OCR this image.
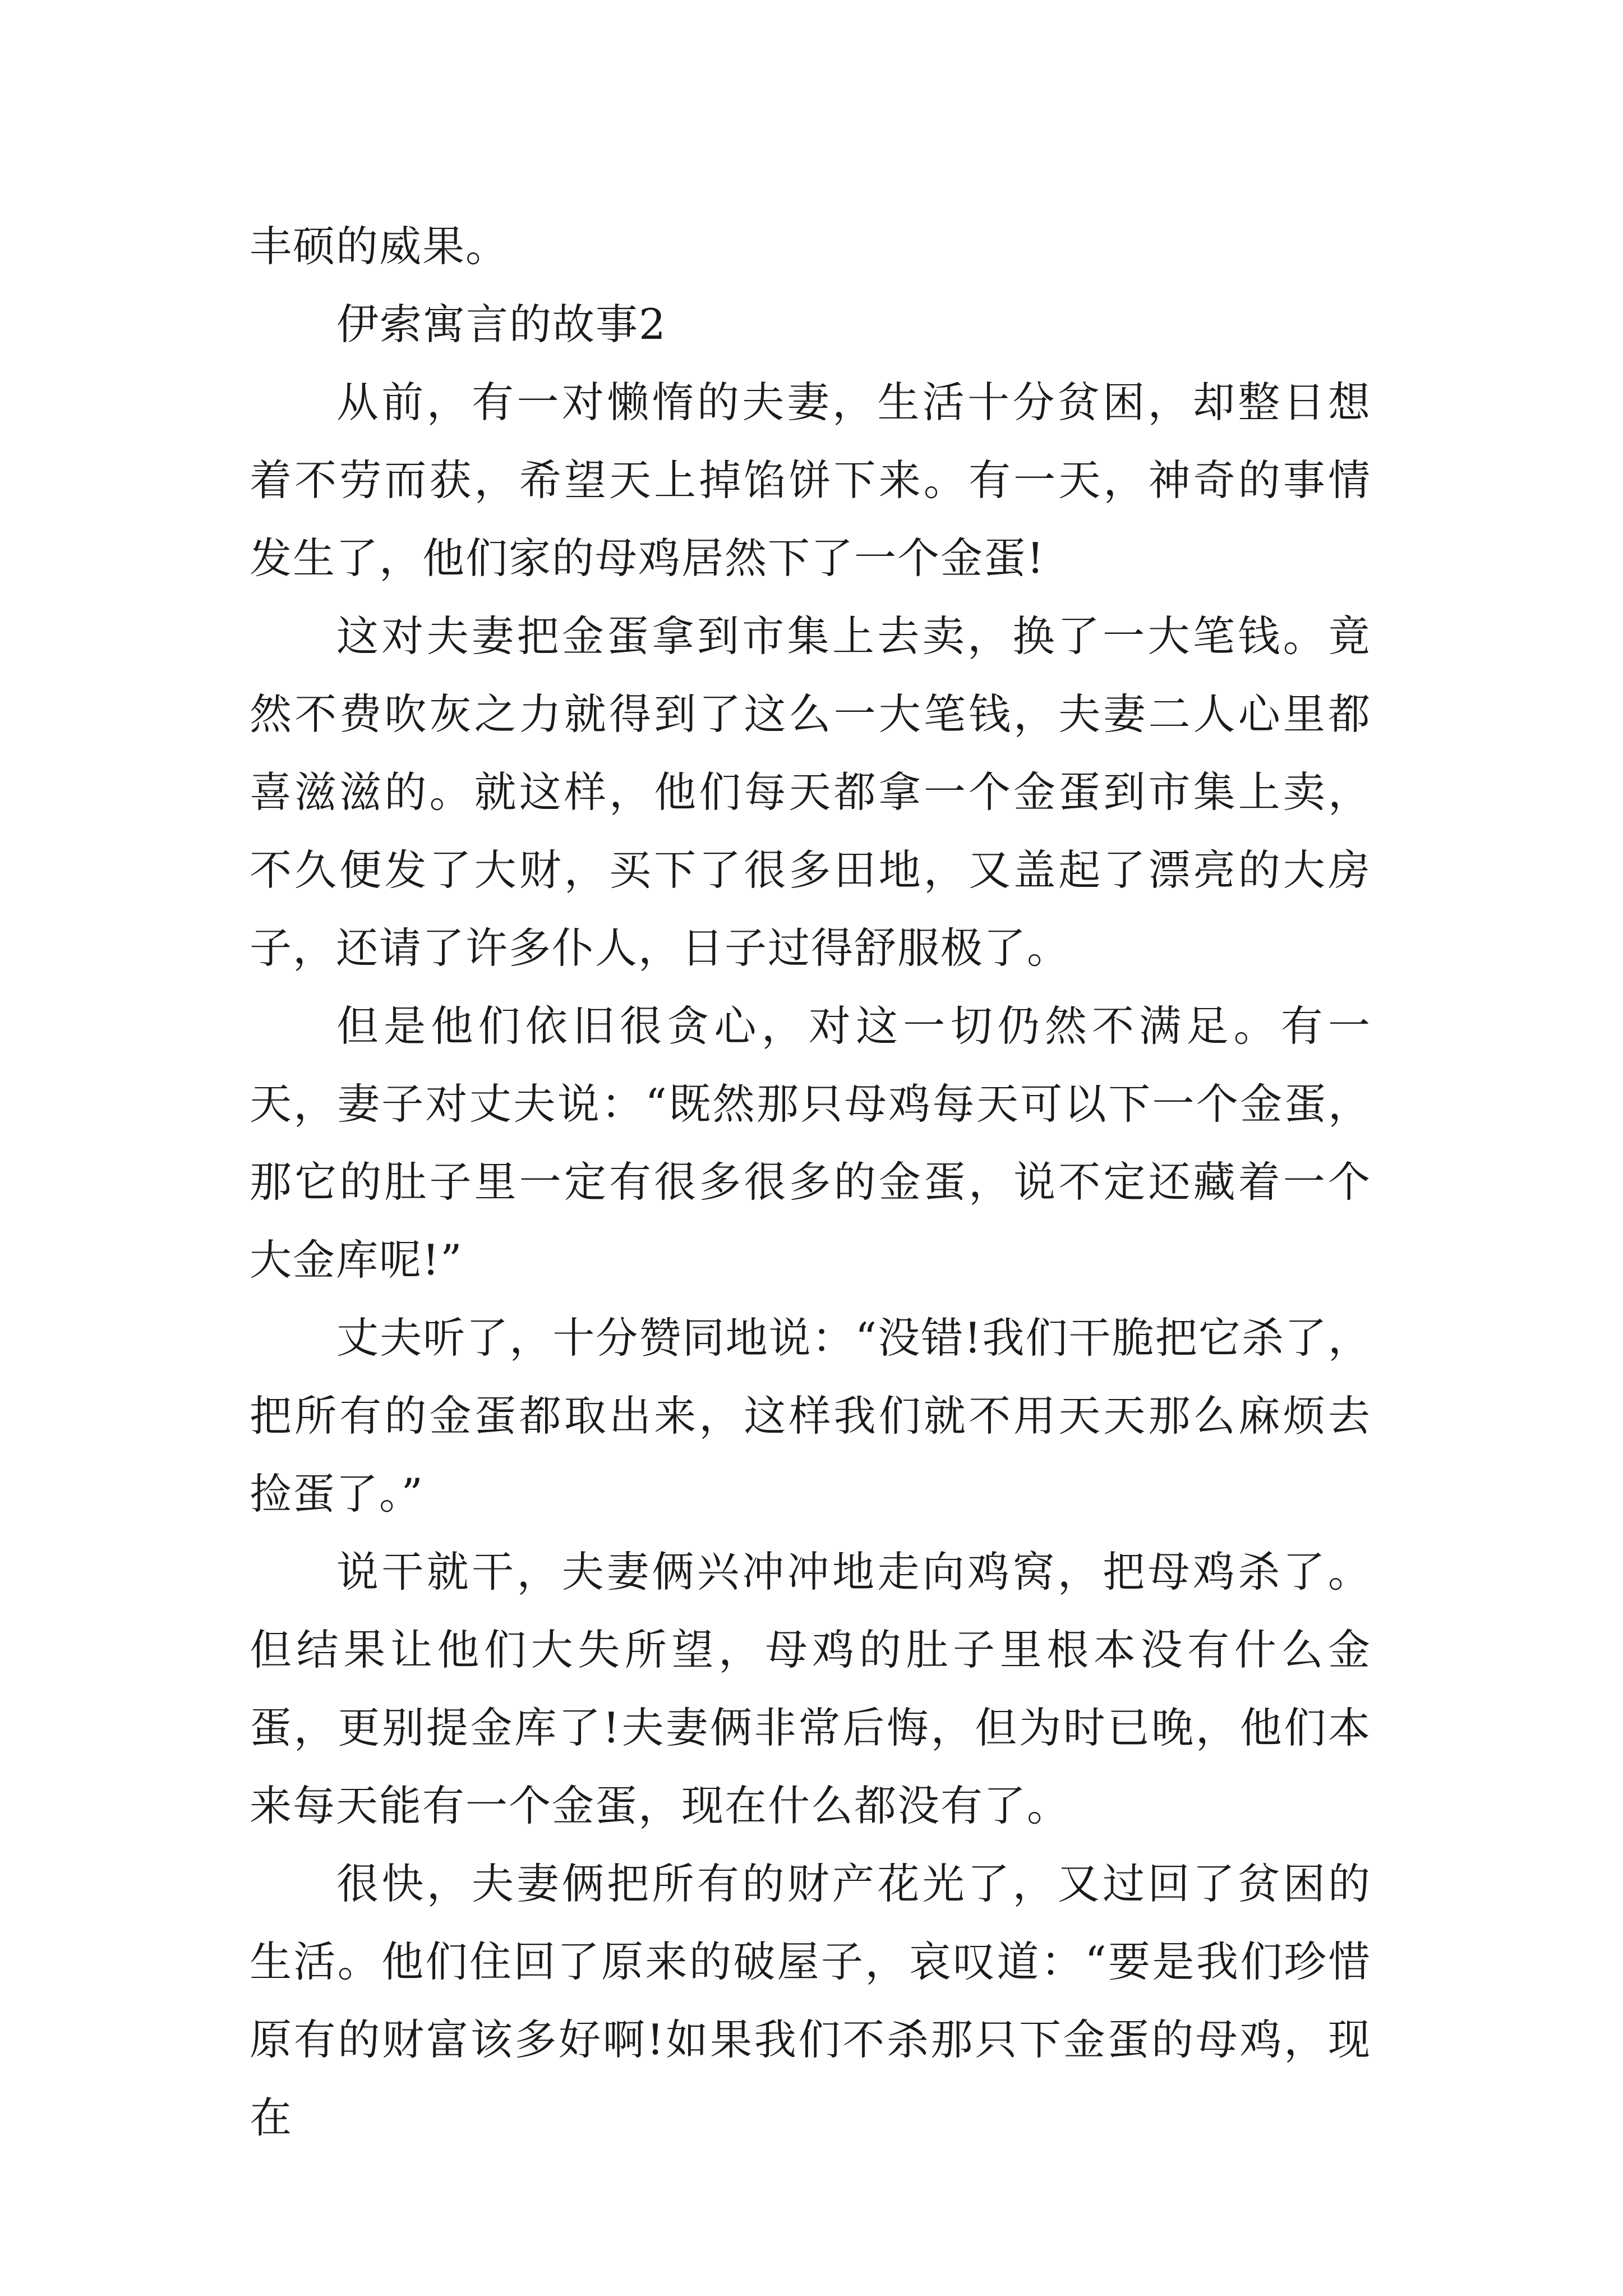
丰硕的威果。

伊索寓言的故事2

从前，有一对懒惰的夫妻，生活十分贫困，却整日想着不劳而获，希望天上掉馅饼下来。有一天，神奇的事情发生了，他们家的母鸡居然下了一个金蛋!

这对夫妻把金蛋拿到市集上去卖，换了一大笔钱。竟然不费吹灰之力就得到了这么一大笔钱，夫妻二人心里都喜滋滋的。就这样，他们每天都拿一个金蛋到市集上卖，不久便发了大财，买下了很多田地，又盖起了漂亮的大房子，还请了许多仆人，日子过得舒服极了。

但是他们依旧很贪心，对这一切仍然不满足。有一天，妻子对丈夫说：“既然那只母鸡每天可以下一个金蛋，那它的肚子里一定有很多很多的金蛋，说不定还藏着一个大金库呢!”

丈夫听了，十分赞同地说：“没错!我们干脆把它杀了，把所有的金蛋都取出来，这样我们就不用天天那么麻烦去捡蛋了。”

说干就干，夫妻俩兴冲冲地走向鸡窝，把母鸡杀了。但结果让他们大失所望，母鸡的肚子里根本没有什么金蛋，更别提金库了!夫妻俩非常后悔，但为时已晚，他们本来每天能有一个金蛋，现在什么都没有了。

很快，夫妻俩把所有的财产花光了，又过回了贫困的生活。他们住回了原来的破屋子，哀叹道：“要是我们珍惜原有的财富该多好啊!如果我们不杀那只下金蛋的母鸡，现在
